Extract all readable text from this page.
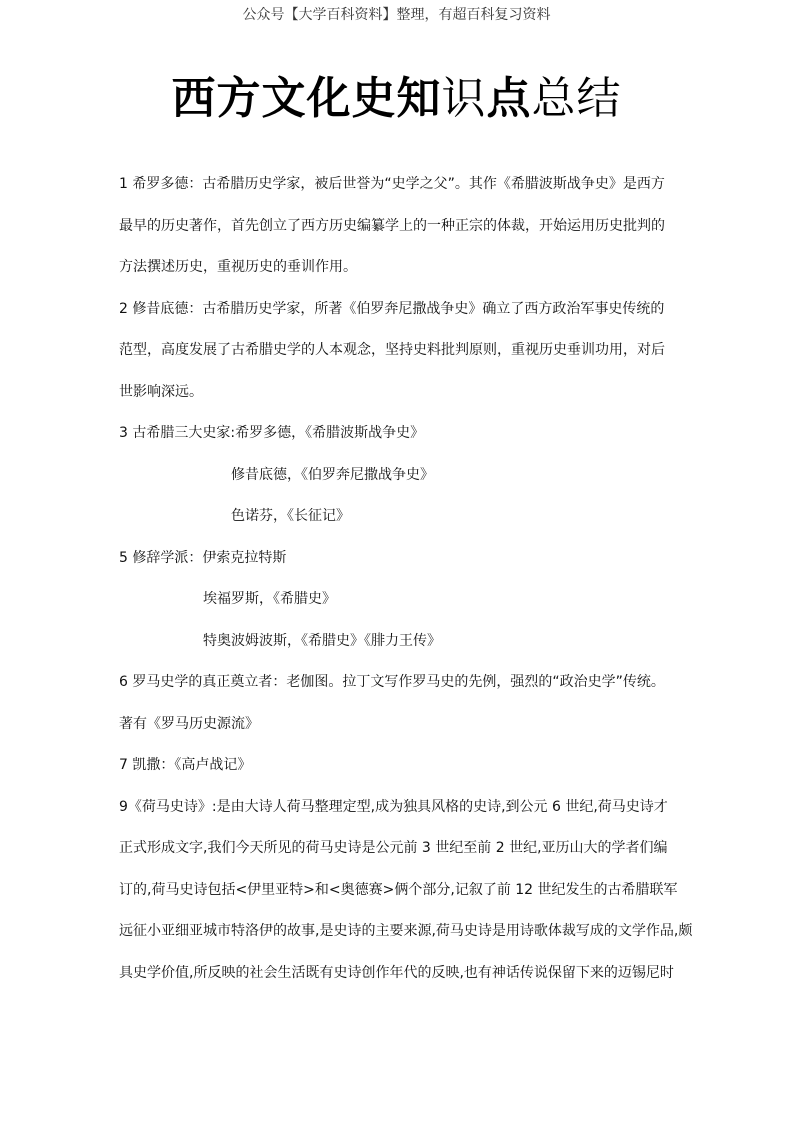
公众号【大学百科资料】整理，有超百科复习资料
西方文化史知识点总结
1 希罗多德：古希腊历史学家，被后世誉为“史学之父”。其作《希腊波斯战争史》是西方
最早的历史著作，首先创立了西方历史编纂学上的一种正宗的体裁，开始运用历史批判的
方法撰述历史，重视历史的垂训作用。
2 修昔底德：古希腊历史学家，所著《伯罗奔尼撒战争史》确立了西方政治军事史传统的
范型，高度发展了古希腊史学的人本观念，坚持史料批判原则，重视历史垂训功用，对后
世影响深远。
3 古希腊三大史家:希罗多德，《希腊波斯战争史》
修昔底德，《伯罗奔尼撒战争史》
色诺芬，《长征记》
5 修辞学派：伊索克拉特斯
埃福罗斯，《希腊史》
特奥波姆波斯，《希腊史》《腓力王传》
6 罗马史学的真正奠立者：老伽图。拉丁文写作罗马史的先例，强烈的“政治史学”传统。
著有《罗马历史源流》
7 凯撒：《高卢战记》
9《荷马史诗》:是由大诗人荷马整理定型,成为独具风格的史诗,到公元 6 世纪,荷马史诗才
正式形成文字,我们今天所见的荷马史诗是公元前 3 世纪至前 2 世纪,亚历山大的学者们编
订的,荷马史诗包括<伊里亚特>和<奥德赛>俩个部分,记叙了前 12 世纪发生的古希腊联军
远征小亚细亚城市特洛伊的故事,是史诗的主要来源,荷马史诗是用诗歌体裁写成的文学作品,颇
具史学价值,所反映的社会生活既有史诗创作年代的反映,也有神话传说保留下来的迈锡尼时
